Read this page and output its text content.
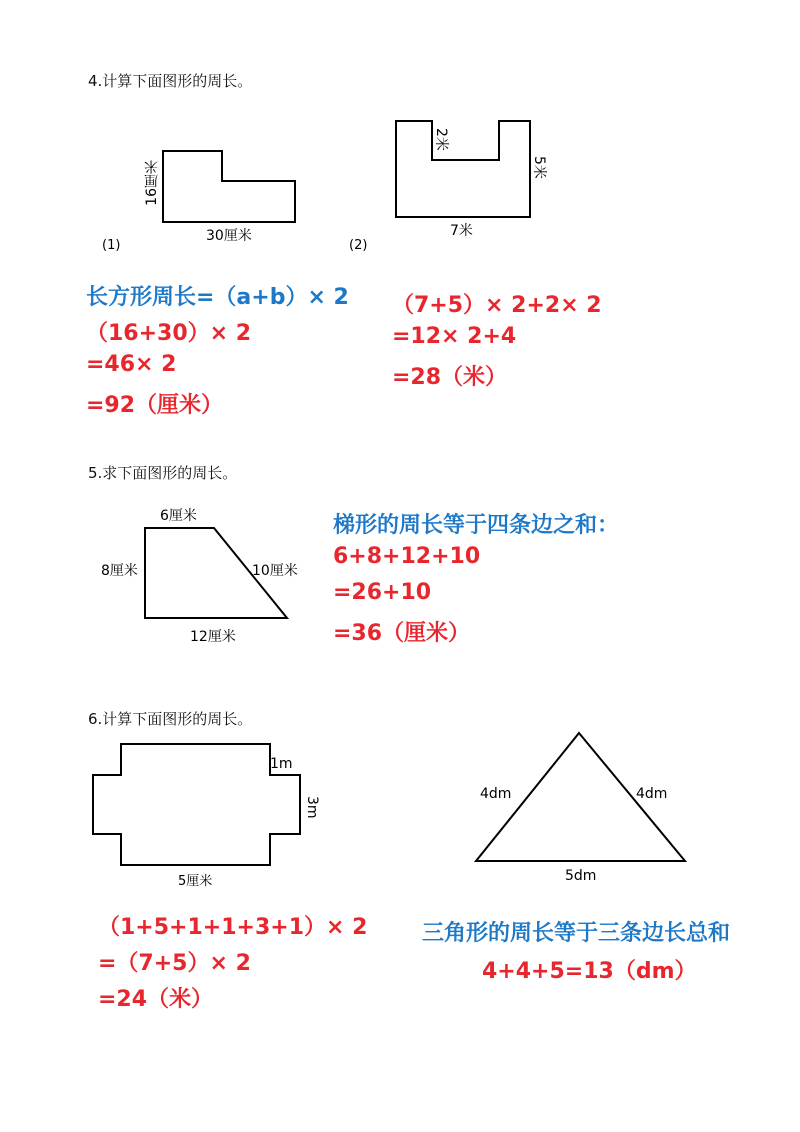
4.计算下面图形的周长。
16厘米
30厘米
(1)
2米
5米
7米
(2)
长方形周长=（a+b）× 2
（16+30）× 2
=46× 2
=92（厘米）
（7+5）× 2+2× 2
=12× 2+4
=28（米）
5.求下面图形的周长。
6厘米
8厘米	10厘米
12厘米
梯形的周长等于四条边之和：
6+8+12+10
=26+10
=36（厘米）
6.计算下面图形的周长。
1m
3m
5厘米
4dm	4dm
5dm
（1+5+1+1+3+1）× 2
=（7+5）× 2
=24（米）
三角形的周长等于三条边长总和
4+4+5=13（dm）
